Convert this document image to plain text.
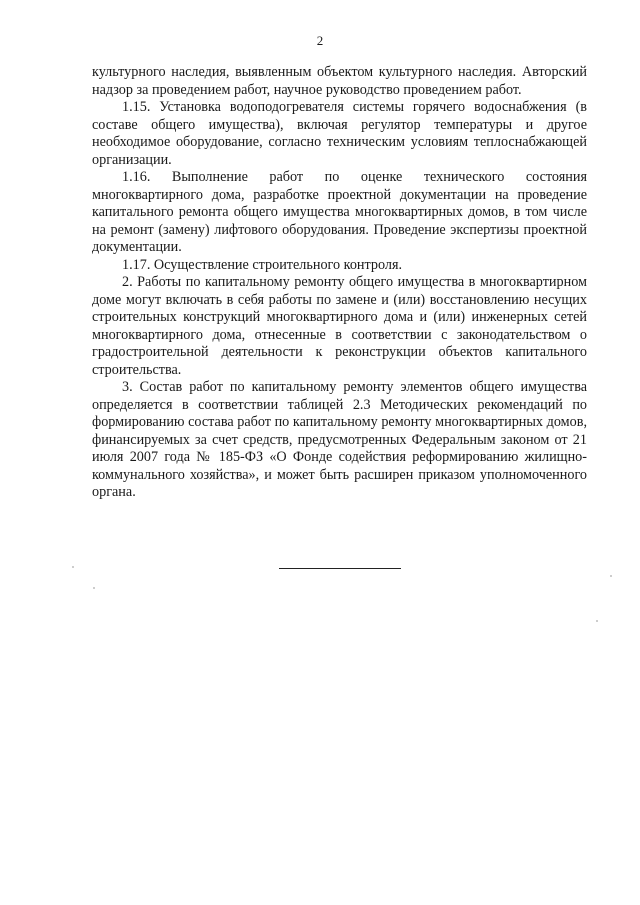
2

культурного наследия, выявленным объектом культурного наследия. Авторский надзор за проведением работ, научное руководство проведением работ.

1.15. Установка водоподогревателя системы горячего водоснабжения (в составе общего имущества), включая регулятор температуры и другое необходимое оборудование, согласно техническим условиям теплоснабжающей организации.

1.16. Выполнение работ по оценке технического состояния многоквартирного дома, разработке проектной документации на проведение капитального ремонта общего имущества многоквартирных домов, в том числе на ремонт (замену) лифтового оборудования. Проведение экспертизы проектной документации.

1.17. Осуществление строительного контроля.

2. Работы по капитальному ремонту общего имущества в многоквартирном доме могут включать в себя работы по замене и (или) восстановлению несущих строительных конструкций многоквартирного дома и (или) инженерных сетей многоквартирного дома, отнесенные в соответствии с законодательством о градостроительной деятельности к реконструкции объектов капитального строительства.

3. Состав работ по капитальному ремонту элементов общего имущества определяется в соответствии таблицей 2.3 Методических рекомендаций по формированию состава работ по капитальному ремонту многоквартирных домов, финансируемых за счет средств, предусмотренных Федеральным законом от 21 июля 2007 года № 185-ФЗ «О Фонде содействия реформированию жилищно-коммунального хозяйства», и может быть расширен приказом уполномоченного органа.
